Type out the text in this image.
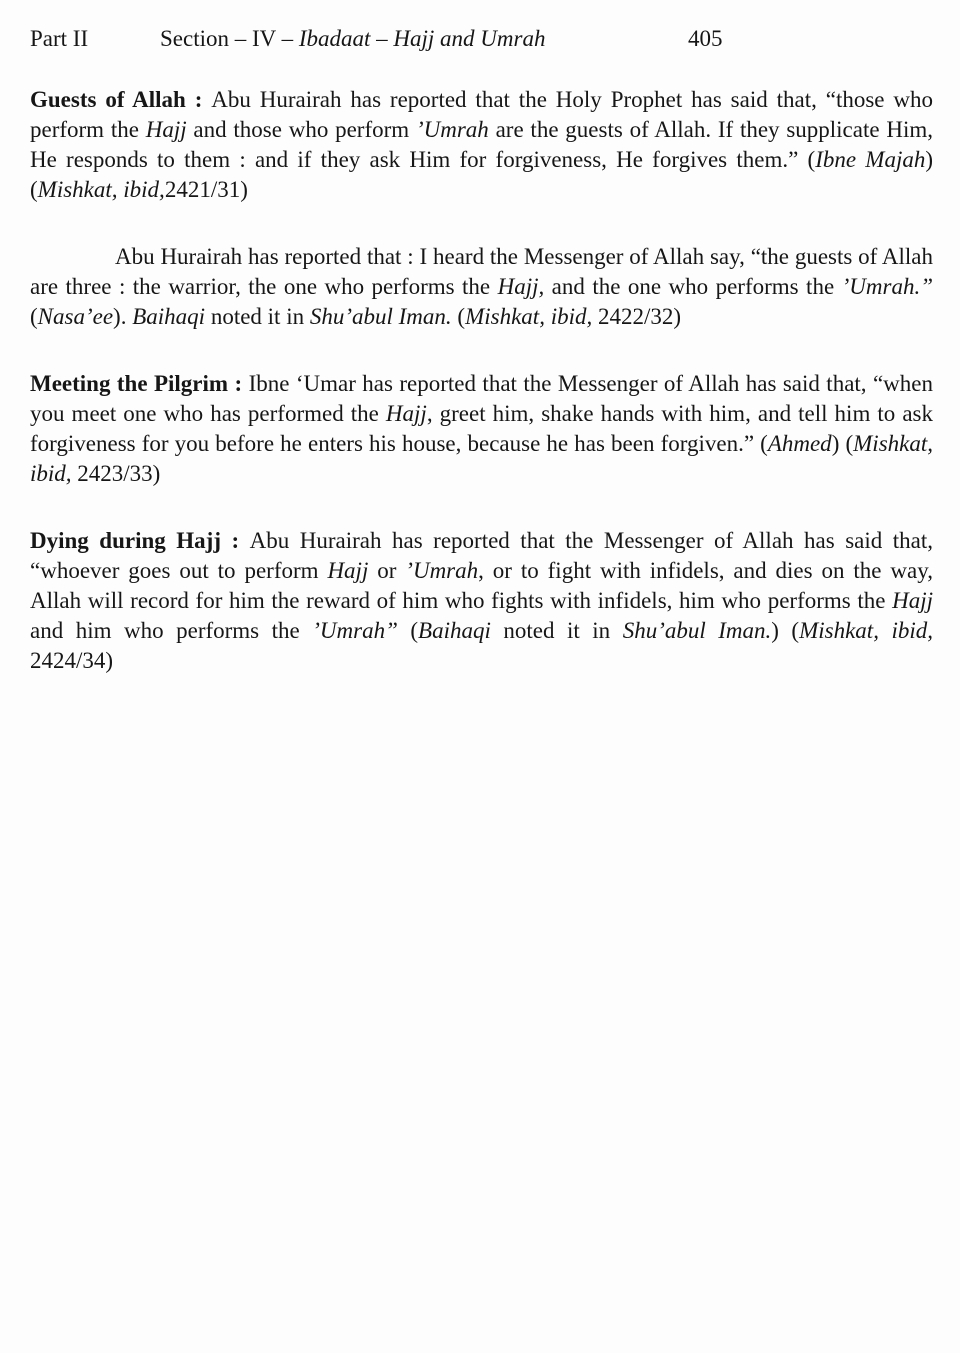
Part II	Section – IV – Ibadaat – Hajj and Umrah	405

Guests of Allah : Abu Hurairah has reported that the Holy Prophet has said that, “those who perform the Hajj and those who perform ’Umrah are the guests of Allah. If they supplicate Him, He responds to them : and if they ask Him for forgiveness, He forgives them.” (Ibne Majah) (Mishkat, ibid,2421/31)

Abu Hurairah has reported that : I heard the Messenger of Allah say, “the guests of Allah are three : the warrior, the one who performs the Hajj, and the one who performs the ’Umrah.” (Nasa’ee). Baihaqi noted it in Shu’abul Iman. (Mishkat, ibid, 2422/32)

Meeting the Pilgrim : Ibne ‘Umar has reported that the Messenger of Allah has said that, “when you meet one who has performed the Hajj, greet him, shake hands with him, and tell him to ask forgiveness for you before he enters his house, because he has been forgiven.” (Ahmed) (Mishkat, ibid, 2423/33)

Dying during Hajj : Abu Hurairah has reported that the Messenger of Allah has said that, “whoever goes out to perform Hajj or ’Umrah, or to fight with infidels, and dies on the way, Allah will record for him the reward of him who fights with infidels, him who performs the Hajj and him who performs the ’Umrah” (Baihaqi noted it in Shu’abul Iman.) (Mishkat, ibid, 2424/34)
